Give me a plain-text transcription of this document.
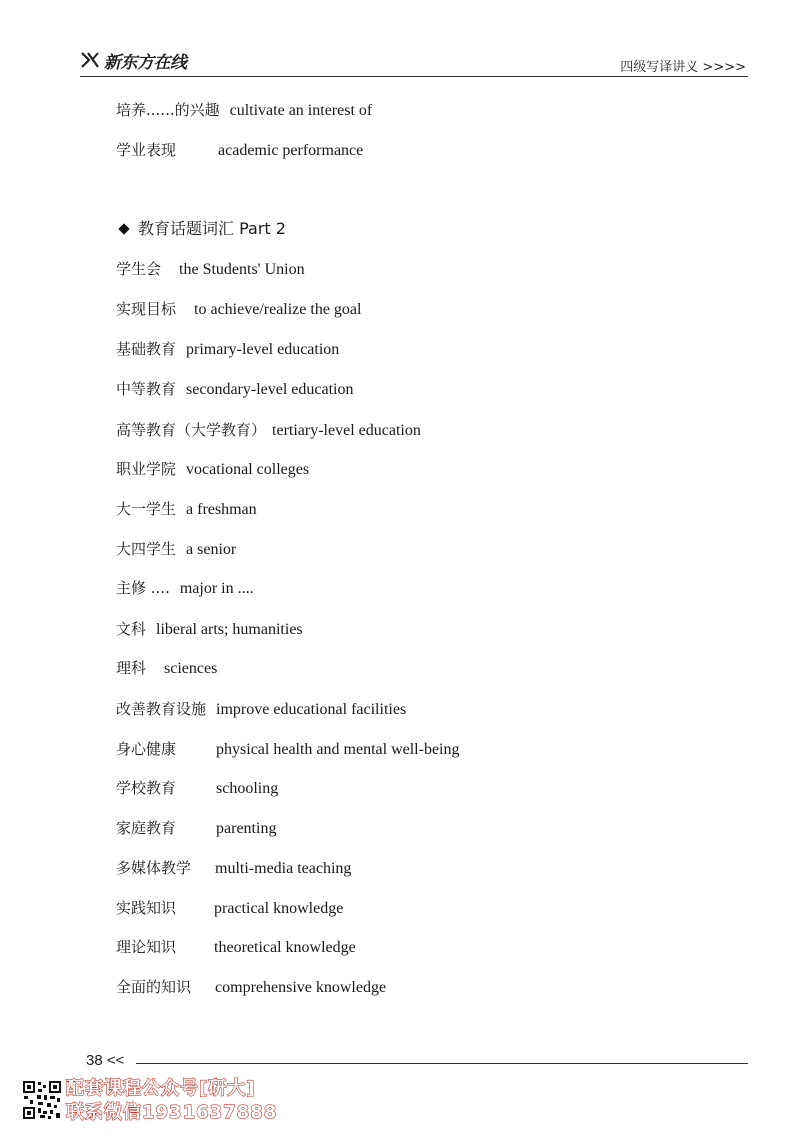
新东方在线	四级写译讲义 >>>>
培养......的兴趣 cultivate an interest of
学业表现	academic performance
教育话题词汇 Part 2
学生会 the Students' Union
实现目标 to achieve/realize the goal
基础教育 primary-level education
中等教育 secondary-level education
高等教育（大学教育） tertiary-level education
职业学院 vocational colleges
大一学生 a freshman
大四学生 a senior
主修 .... major in ....
文科 liberal arts; humanities
理科 sciences
改善教育设施 improve educational facilities
身心健康	physical health and mental well-being
学校教育	schooling
家庭教育	parenting
多媒体教学 multi-media teaching
实践知识 practical knowledge
理论知识 theoretical knowledge
全面的知识 comprehensive knowledge
38 <<
配套课程公众号[研大]
联系微信1931637888
